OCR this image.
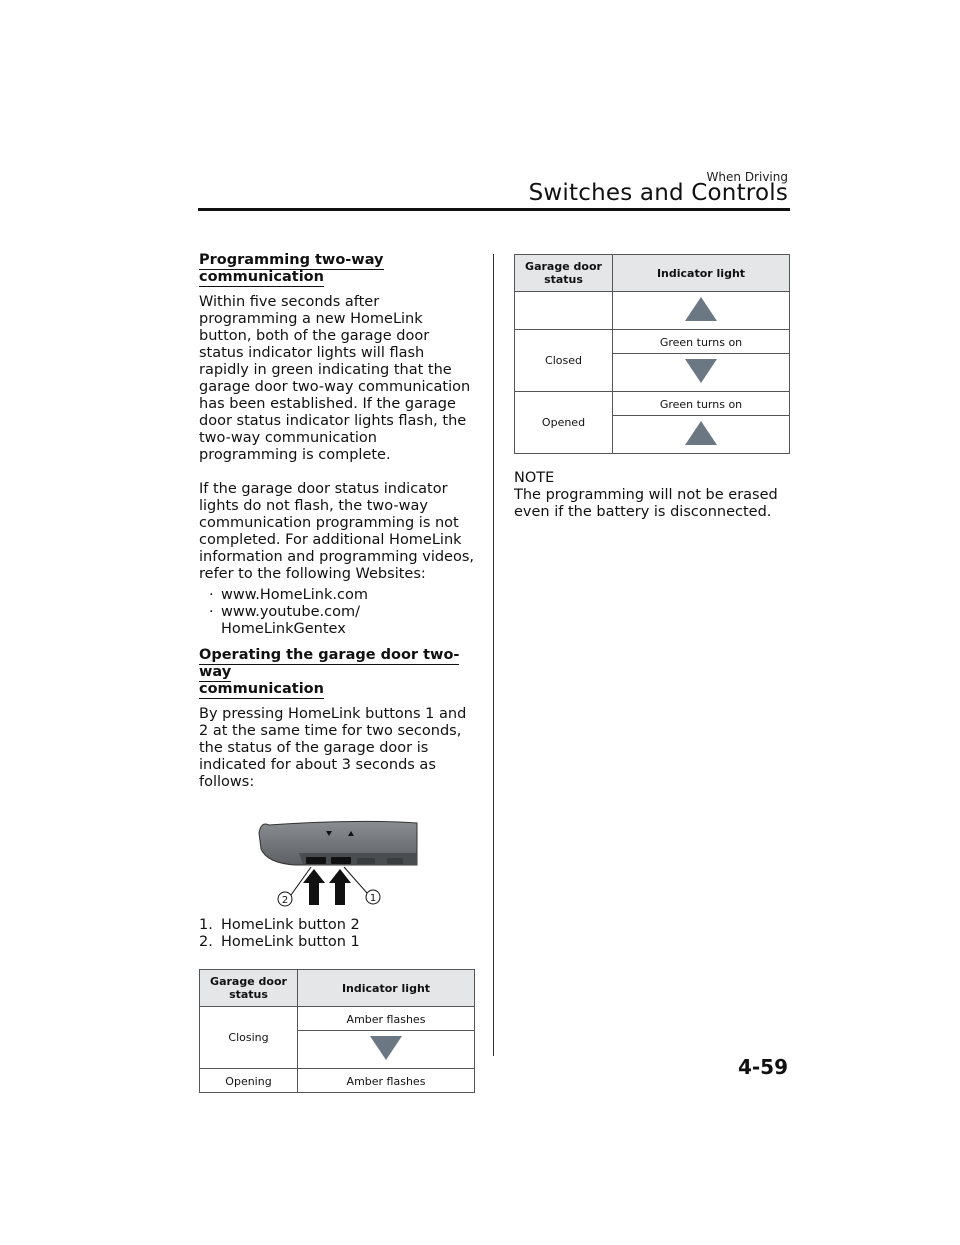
When Driving
Switches and Controls
Programming two-way
communication

Within five seconds after programming a new HomeLink button, both of the garage door status indicator lights will flash rapidly in green indicating that the garage door two-way communication has been established. If the garage door status indicator lights flash, the two-way communication programming is complete.

If the garage door status indicator lights do not flash, the two-way communication programming is not completed. For additional HomeLink information and programming videos, refer to the following Websites:

· www.HomeLink.com
· www.youtube.com/ HomeLinkGentex
Operating the garage door two-way
communication

By pressing HomeLink buttons 1 and 2 at the same time for two seconds, the status of the garage door is indicated for about 3 seconds as follows:

2	1
1. HomeLink button 2
2. HomeLink button 1
Garage door status	Indicator light
Closing	Amber flashes

Opening	Amber flashes
Garage door status	Indicator light

Closed	Green turns on

Opened	Green turns on

NOTE

The programming will not be erased even if the battery is disconnected.

4-59
